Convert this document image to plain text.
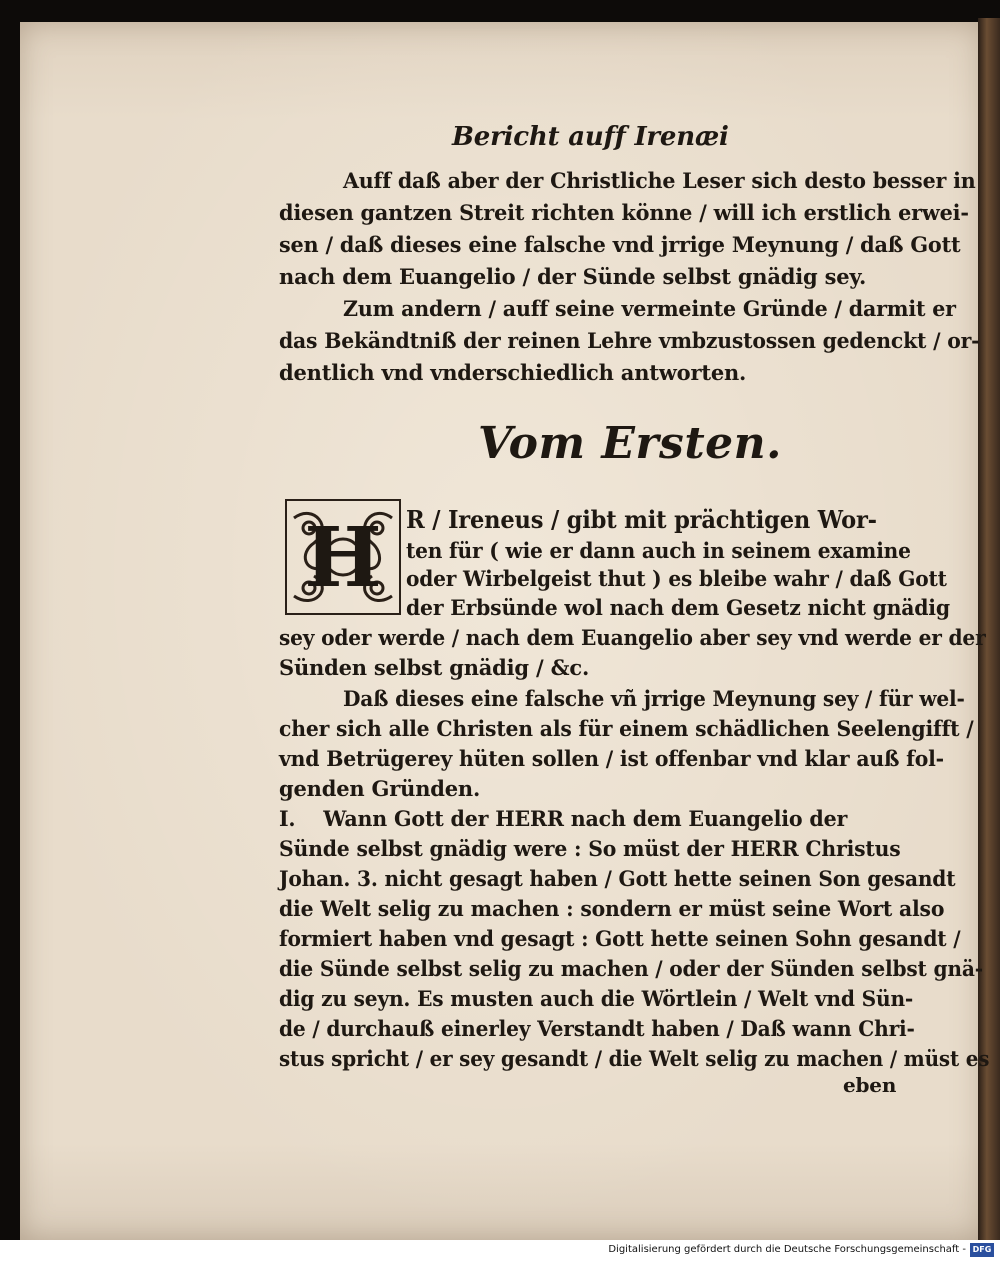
Bericht auff Irenæi
Auff daß aber der Christliche Leser sich desto besser in
diesen gantzen Streit richten könne / will ich erstlich erwei-
sen / daß dieses eine falsche vnd jrrige Meynung / daß Gott
nach dem Euangelio / der Sünde selbst gnädig sey.
Zum andern / auff seine vermeinte Gründe / darmit er
das Bekändtniß der reinen Lehre vmbzustossen gedenckt / or-
dentlich vnd vnderschiedlich antworten.
Vom Ersten.
H R / Ireneus / gibt mit prächtigen Wor-
ten für ( wie er dann auch in seinem examine
oder Wirbelgeist thut ) es bleibe wahr / daß Gott
der Erbsünde wol nach dem Gesetz nicht gnädig
sey oder werde / nach dem Euangelio aber sey vnd werde er der
Sünden selbst gnädig / &c.
Daß dieses eine falsche vñ jrrige Meynung sey / für wel-
cher sich alle Christen als für einem schädlichen Seelengifft /
vnd Betrügerey hüten sollen / ist offenbar vnd klar auß fol-
genden Gründen.
I.    Wann Gott der HERR nach dem Euangelio der
Sünde selbst gnädig were : So müst der HERR Christus
Johan. 3. nicht gesagt haben / Gott hette seinen Son gesandt
die Welt selig zu machen : sondern er müst seine Wort also
formiert haben vnd gesagt : Gott hette seinen Sohn gesandt /
die Sünde selbst selig zu machen / oder der Sünden selbst gnä-
dig zu seyn. Es musten auch die Wörtlein / Welt vnd Sün-
de / durchauß einerley Verstandt haben / Daß wann Chri-
stus spricht / er sey gesandt / die Welt selig zu machen / müst es
eben
Digitalisierung gefördert durch die Deutsche Forschungsgemeinschaft - DFG
